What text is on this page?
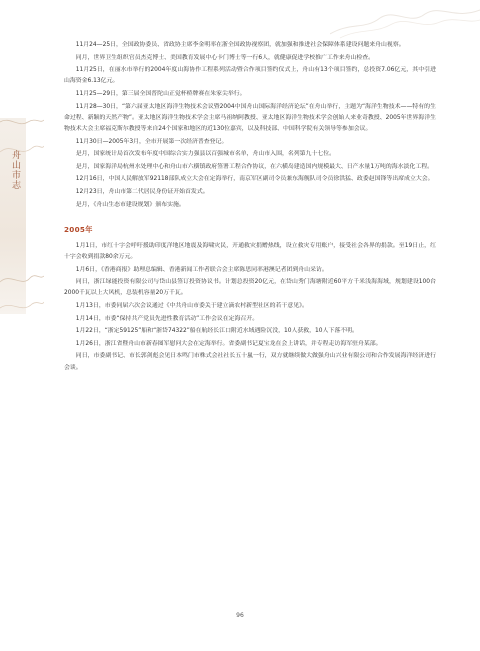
舟山市志

11月24—25日，全国政协委员、省政协主席李金明率在浙全国政协视察团，就加强和推进社会保障体系建设问题来舟山视察。

同月，世界卫生组织官员杰克博士、美国教育发展中心卡门博士等一行6人，就健康促进学校推广工作来舟山检查。

11月25日，在丽水市举行的2004年度山海协作工程系列活动暨合作项目签约仪式上，舟山有13个项目签约，总投资7.06亿元，其中引进山海资金6.13亿元。

11月25—29日，第三届全国普陀山正觉杯桥牌赛在朱家尖举行。

11月28—30日，“第六届亚太地区海洋生物技术会议暨2004中国舟山国际海洋经济论坛”在舟山举行，主题为“海洋生物技术——特有的生命过程、新颖的天然产物”。亚太地区海洋生物技术学会主席马祖纳阿教授、亚太地区海洋生物技术学会创始人来业奇教授、2005年世界海洋生物技术大会主席福克斯尔教授等来自24个国家和地区的近130位嘉宾，以及科技部、中国科学院有关领导等参加会议。

11月30日—2005年3月，全市开展第一次经济普查登记。

是月，国家统计局首次发布年度中国综合实力强县以百强城市名单，舟山市入围，名列第九十七位。

是月，国家海洋局杭州水处理中心和舟山市六横镇政府签署工程合作协议，在六横岛建造国内规模最大、日产水量1万吨的海水淡化工程。

12月16日，中国人民解放军92118部队成立大会在定海举行，南京军区副司令员兼东海舰队司令员徐洪猛、政委赵国锋等出席成立大会。

12月23日，舟山市第二代居民身份证开始首发式。

是月，《舟山生态市建设规划》颁布实施。

2005年

1月1日，市红十字会呼吁援助印度洋地区地震及海啸灾民，开通救灾捐赠热线，设立救灾专用账户，接受社会各界的捐款。至19日止，红十字会收到捐款80余万元。

1月6日，《香港商报》助理总编辑、香港新闻工作者联合会主席陈思同率港澳记者团到舟山采访。

同日，浙江绿能投资有限公司与岱山县签订投资协议书。计划总投资20亿元，在岱山秀门海塘附近60平方千米浅海海域，规划建设100台2000千瓦以上大风机，总装机容量20万千瓦。

1月13日，市委同届六次会议通过《中共舟山市委关于建立滴农村新型社区的若干意见》。

1月14日，市委“保持共产党员先进性教育活动”工作会议在定海召开。

1月22日，“浙定59125”船和“浙岱74322”船在航经长江口附近水域遇险沉没，10人获救，10人下落不明。

1月26日，浙江省暨舟山市新春图军慰问大会在定海举行。省委副书记夏宝龙在会上讲话，并专程走访海军驻舟某部。

同日，市委副书记、市长郭剑彪会见日本鸣门市株式会社社长五十嵐一行，双方就继续做大做强舟山兴业有限公司和合作发展海洋经济进行会谈。

96
